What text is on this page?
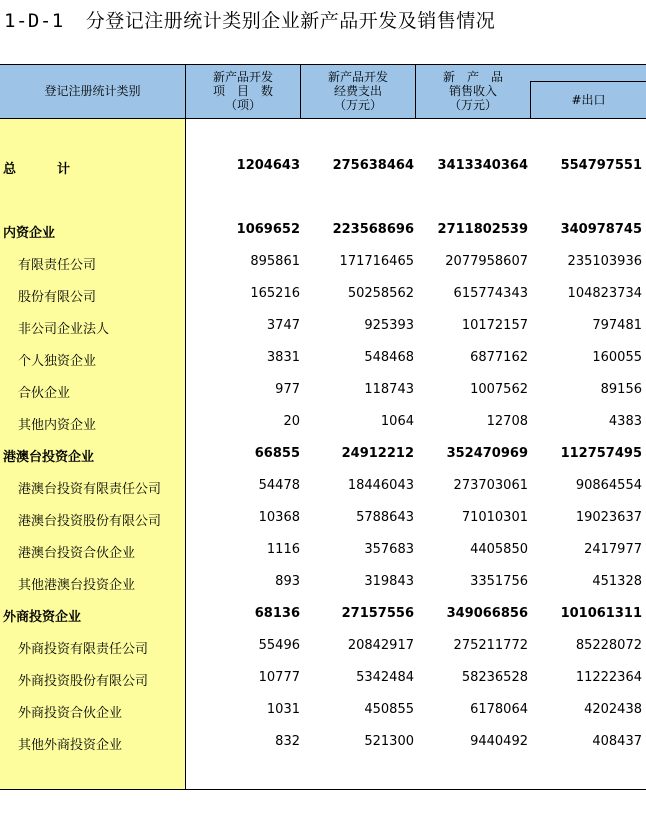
1-D-1 分登记注册统计类别企业新产品开发及销售情况
登记注册统计类别
新产品开发
项　目　数
（项）
新产品开发
经费支出
（万元）
新　产　品
销售收入
（万元）	#出口
总　计	1204643	275638464 3413340364	554797551
内资企业	1069652	223568696 2711802539	340978745
有限责任公司	895861	171716465 2077958607	235103936
股份有限公司	165216	50258562	615774343	104823734
非公司企业法人	3747	925393	10172157	797481
个人独资企业	3831	548468	6877162	160055
合伙企业	977	118743	1007562	89156
其他内资企业	20	1064	12708	4383
港澳台投资企业	66855	24912212	352470969	112757495
港澳台投资有限责任公司	54478	18446043	273703061	90864554
港澳台投资股份有限公司	10368	5788643	71010301	19023637
港澳台投资合伙企业	1116	357683	4405850	2417977
其他港澳台投资企业	893	319843	3351756	451328
外商投资企业	68136	27157556	349066856	101061311
外商投资有限责任公司	55496	20842917	275211772	85228072
外商投资股份有限公司	10777	5342484	58236528	11222364
外商投资合伙企业	1031	450855	6178064	4202438
其他外商投资企业	832	521300	9440492	408437
